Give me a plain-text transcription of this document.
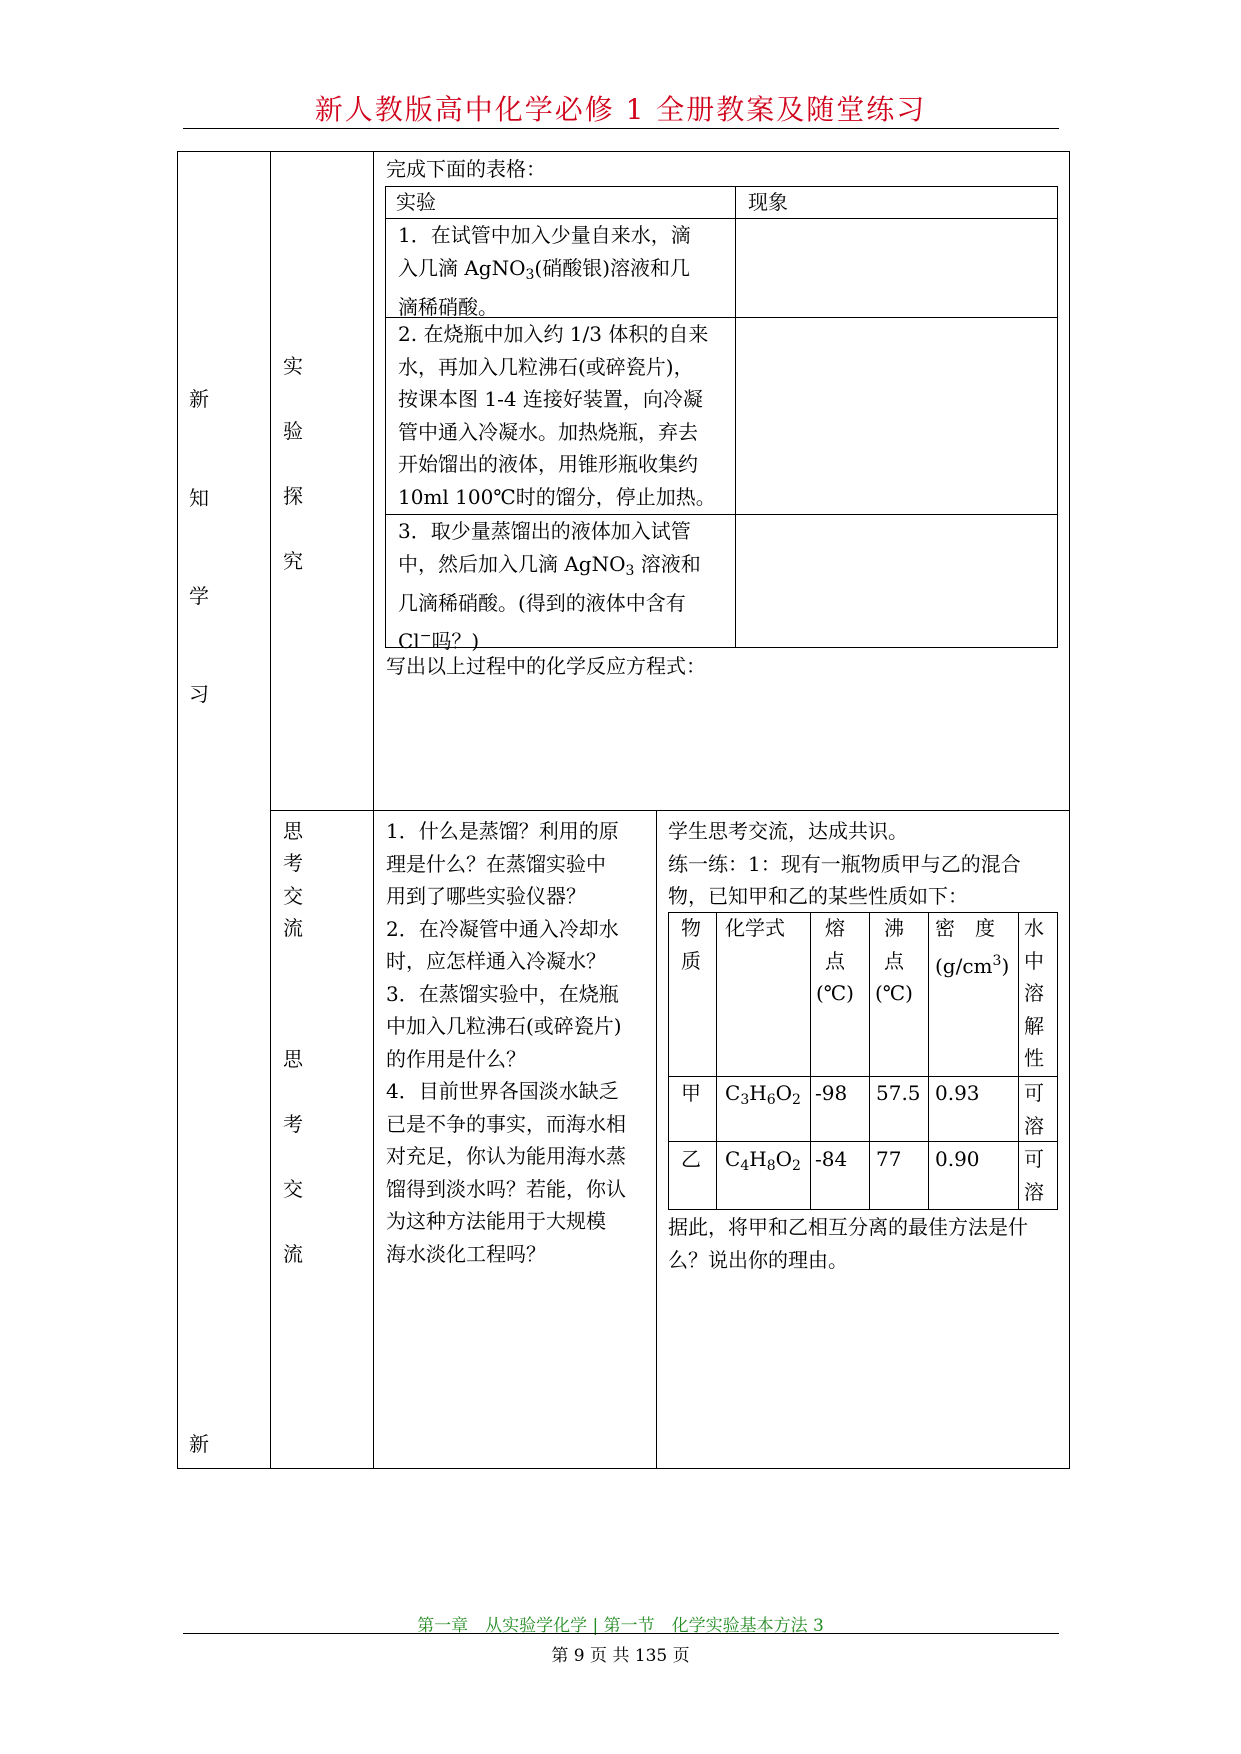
新人教版高中化学必修 1 全册教案及随堂练习
新
知
学
习
新
实
验
探
究
思
考
交
流
思
考
交
流
完成下面的表格：
实验	现象
1．在试管中加入少量自来水，滴
入几滴 AgNO$_3$(硝酸银)溶液和几
滴稀硝酸。
2. 在烧瓶中加入约 1/3 体积的自来
水，再加入几粒沸石(或碎瓷片)，
按课本图 1-4 连接好装置，向冷凝
管中通入冷凝水。加热烧瓶，弃去
开始馏出的液体，用锥形瓶收集约
10ml 100℃时的馏分，停止加热。
3．取少量蒸馏出的液体加入试管
中，然后加入几滴 AgNO$_3$ 溶液和
几滴稀硝酸。(得到的液体中含有
Cl−吗？)
写出以上过程中的化学反应方程式：
1．什么是蒸馏？利用的原
理是什么？在蒸馏实验中
用到了哪些实验仪器？
2．在冷凝管中通入冷却水
时，应怎样通入冷凝水？
3．在蒸馏实验中，在烧瓶
中加入几粒沸石(或碎瓷片)
的作用是什么？
4．目前世界各国淡水缺乏
已是不争的事实，而海水相
对充足，你认为能用海水蒸
馏得到淡水吗？若能，你认
为这种方法能用于大规模
海水淡化工程吗？
学生思考交流，达成共识。
练一练：1：现有一瓶物质甲与乙的混合
物，已知甲和乙的某些性质如下：
物
质
化学式	熔
点
(℃)
沸
点
(℃)
密　度
$(g/cm^3)$
水
中
溶
解
性
甲 $C_3H_6O_2$ -98 57.5 0.93 可
溶
乙 $C_4H_8O_2$ -84 77 0.90 可
溶
据此，将甲和乙相互分离的最佳方法是什
么？说出你的理由。
第一章　从实验学化学 | 第一节　化学实验基本方法 3
第 9 页 共 135 页
